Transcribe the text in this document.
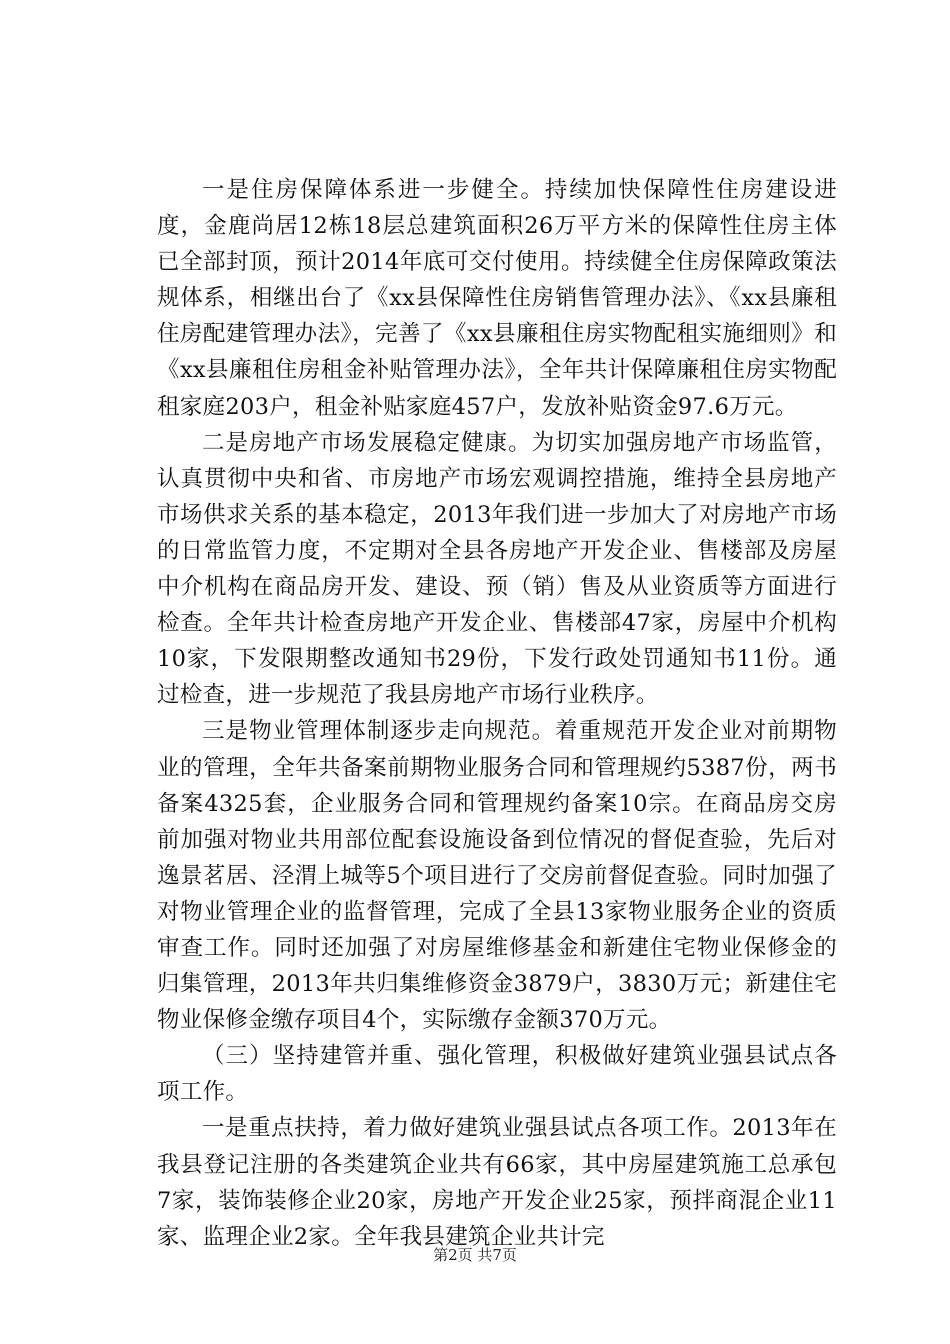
一是住房保障体系进一步健全。持续加快保障性住房建设进度，金鹿尚居12栋18层总建筑面积26万平方米的保障性住房主体已全部封顶，预计2014年底可交付使用。持续健全住房保障政策法规体系，相继出台了《xx县保障性住房销售管理办法》、《xx县廉租住房配建管理办法》，完善了《xx县廉租住房实物配租实施细则》和《xx县廉租住房租金补贴管理办法》，全年共计保障廉租住房实物配租家庭203户，租金补贴家庭457户，发放补贴资金97.6万元。

二是房地产市场发展稳定健康。为切实加强房地产市场监管，认真贯彻中央和省、市房地产市场宏观调控措施，维持全县房地产市场供求关系的基本稳定，2013年我们进一步加大了对房地产市场的日常监管力度，不定期对全县各房地产开发企业、售楼部及房屋中介机构在商品房开发、建设、预（销）售及从业资质等方面进行检查。全年共计检查房地产开发企业、售楼部47家，房屋中介机构10家，下发限期整改通知书29份，下发行政处罚通知书11份。通过检查，进一步规范了我县房地产市场行业秩序。

三是物业管理体制逐步走向规范。着重规范开发企业对前期物业的管理，全年共备案前期物业服务合同和管理规约5387份，两书备案4325套，企业服务合同和管理规约备案10宗。在商品房交房前加强对物业共用部位配套设施设备到位情况的督促查验，先后对逸景茗居、泾渭上城等5个项目进行了交房前督促查验。同时加强了对物业管理企业的监督管理，完成了全县13家物业服务企业的资质审查工作。同时还加强了对房屋维修基金和新建住宅物业保修金的归集管理，2013年共归集维修资金3879户，3830万元；新建住宅物业保修金缴存项目4个，实际缴存金额370万元。

（三）坚持建管并重、强化管理，积极做好建筑业强县试点各项工作。

一是重点扶持，着力做好建筑业强县试点各项工作。2013年在我县登记注册的各类建筑企业共有66家，其中房屋建筑施工总承包7家，装饰装修企业20家，房地产开发企业25家，预拌商混企业11家、监理企业2家。全年我县建筑企业共计完

第2页 共7页
